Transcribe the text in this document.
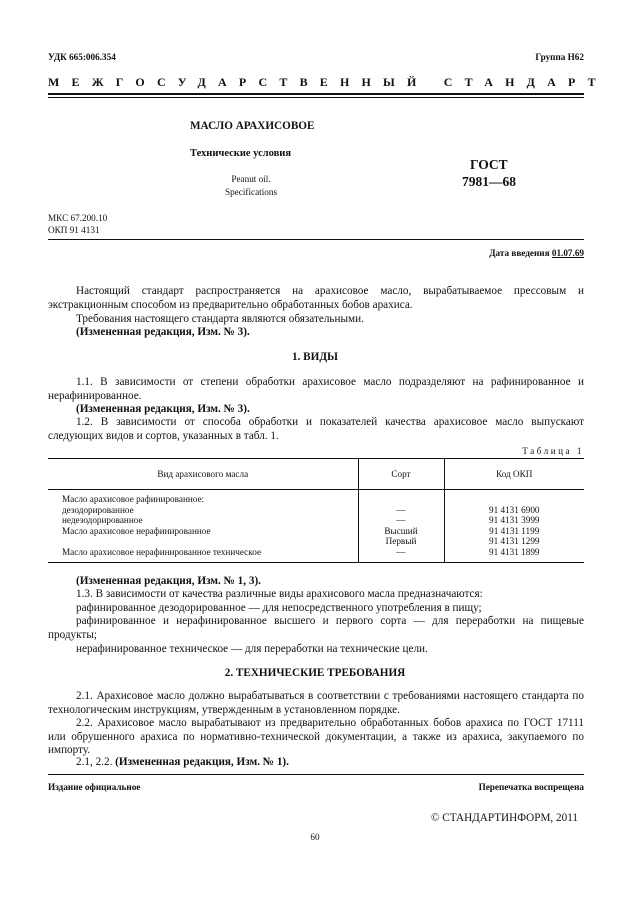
УДК 665:006.354	Группа Н62
МЕЖГОСУДАРСТВЕННЫЙ СТАНДАРТ
МАСЛО АРАХИСОВОЕ
Технические условия
Peanut oil.
Specifications
ГОСТ
7981—68
МКС 67.200.10
ОКП 91 4131
Дата введения 01.07.69
Настоящий стандарт распространяется на арахисовое масло, вырабатываемое прессовым и экстракционным способом из предварительно обработанных бобов арахиса.
Требования настоящего стандарта являются обязательными.
(Измененная редакция, Изм. № 3).
1. ВИДЫ
1.1. В зависимости от степени обработки арахисовое масло подразделяют на рафинированное и нерафинированное.
(Измененная редакция, Изм. № 3).
1.2. В зависимости от способа обработки и показателей качества арахисовое масло выпускают следующих видов и сортов, указанных в табл. 1.
Таблица 1
Вид арахисового масла	Сорт	Код ОКП
Масло арахисовое рафинированное:		
дезодорированное	—	91 4131 6900
недезодорированное	—	91 4131 3999
Масло арахисовое нерафинированное	Высший	91 4131 1199
	Первый	91 4131 1299
Масло арахисовое нерафинированное техническое	—	91 4131 1899
(Измененная редакция, Изм. № 1, 3).
1.3. В зависимости от качества различные виды арахисового масла предназначаются:
рафинированное дезодорированное — для непосредственного употребления в пищу;
рафинированное и нерафинированное высшего и первого сорта — для переработки на пищевые продукты;
нерафинированное техническое — для переработки на технические цели.
2. ТЕХНИЧЕСКИЕ ТРЕБОВАНИЯ
2.1. Арахисовое масло должно вырабатываться в соответствии с требованиями настоящего стандарта по технологическим инструкциям, утвержденным в установленном порядке.
2.2. Арахисовое масло вырабатывают из предварительно обработанных бобов арахиса по ГОСТ 17111 или обрушенного арахиса по нормативно-технической документации, а также из арахиса, закупаемого по импорту.
2.1, 2.2. (Измененная редакция, Изм. № 1).
Издание официальное	Перепечатка воспрещена
© СТАНДАРТИНФОРМ, 2011
60
